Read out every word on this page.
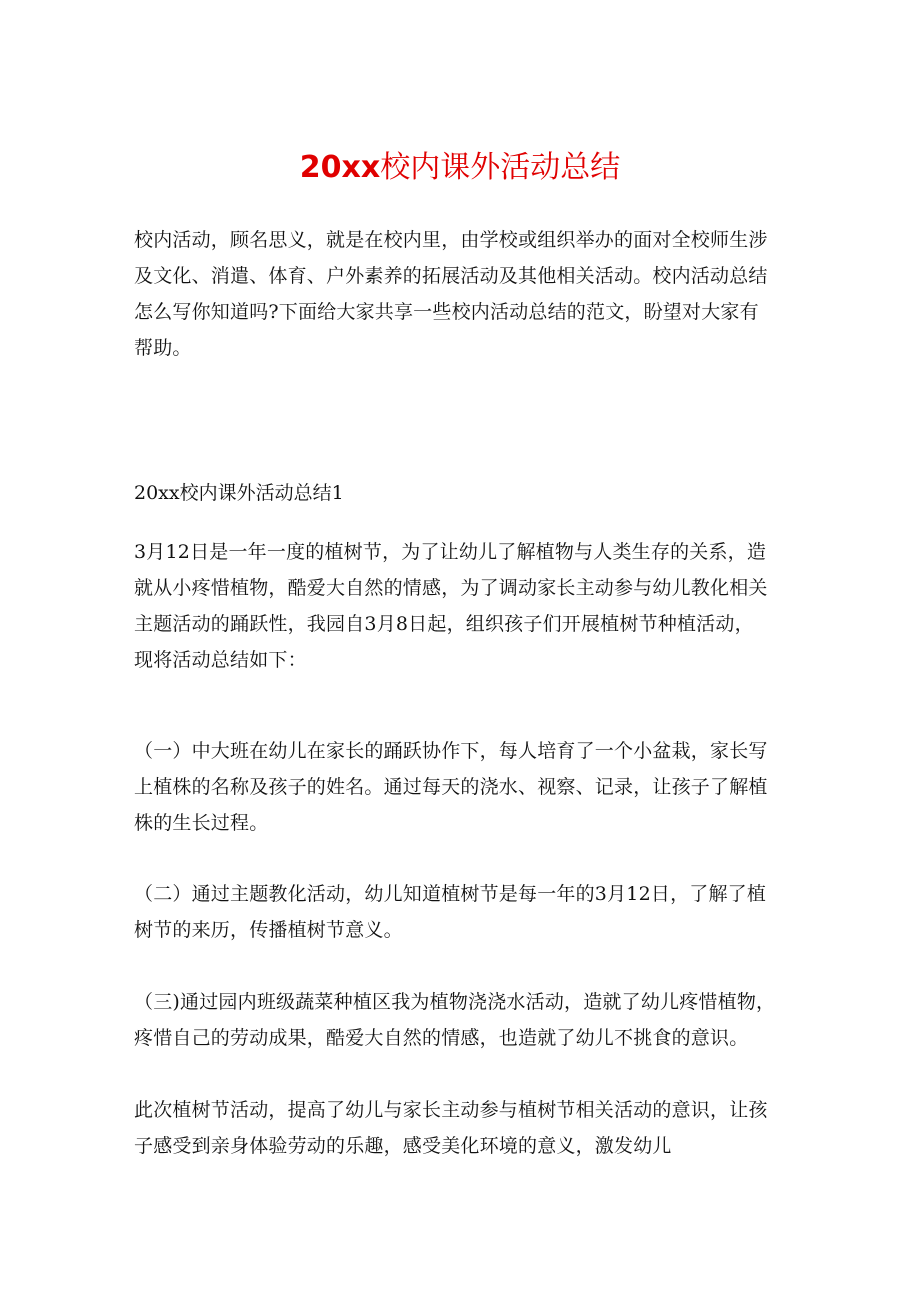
20xx校内课外活动总结

校内活动，顾名思义，就是在校内里，由学校或组织举办的面对全校师生涉
及文化、消遣、体育、户外素养的拓展活动及其他相关活动。校内活动总结
怎么写你知道吗?下面给大家共享一些校内活动总结的范文，盼望对大家有
帮助。

20xx校内课外活动总结1

3月12日是一年一度的植树节，为了让幼儿了解植物与人类生存的关系，造
就从小疼惜植物，酷爱大自然的情感，为了调动家长主动参与幼儿教化相关
主题活动的踊跃性，我园自3月8日起，组织孩子们开展植树节种植活动，
现将活动总结如下：

（一）中大班在幼儿在家长的踊跃协作下，每人培育了一个小盆栽，家长写
上植株的名称及孩子的姓名。通过每天的浇水、视察、记录，让孩子了解植
株的生长过程。

（二）通过主题教化活动，幼儿知道植树节是每一年的3月12日，了解了植
树节的来历，传播植树节意义。

（三)通过园内班级蔬菜种植区我为植物浇浇水活动，造就了幼儿疼惜植物，
疼惜自己的劳动成果，酷爱大自然的情感，也造就了幼儿不挑食的意识。

此次植树节活动，提高了幼儿与家长主动参与植树节相关活动的意识，让孩
子感受到亲身体验劳动的乐趣，感受美化环境的意义，激发幼儿
